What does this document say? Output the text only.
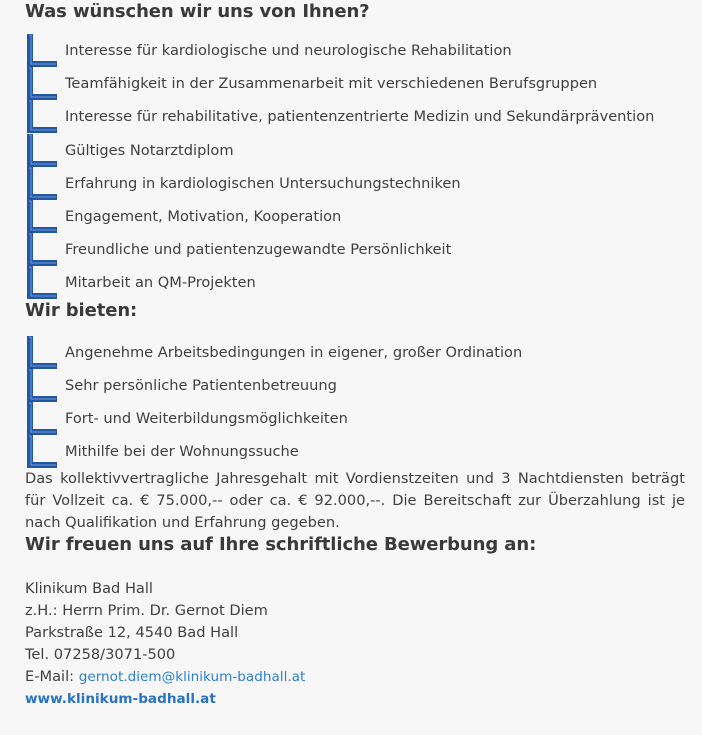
Was wünschen wir uns von Ihnen?
Interesse für kardiologische und neurologische Rehabilitation
Teamfähigkeit in der Zusammenarbeit mit verschiedenen Berufsgruppen
Interesse für rehabilitative, patientenzentrierte Medizin und Sekundärprävention
Gültiges Notarztdiplom
Erfahrung in kardiologischen Untersuchungstechniken
Engagement, Motivation, Kooperation
Freundliche und patientenzugewandte Persönlichkeit
Mitarbeit an QM-Projekten
Wir bieten:
Angenehme Arbeitsbedingungen in eigener, großer Ordination
Sehr persönliche Patientenbetreuung
Fort- und Weiterbildungsmöglichkeiten
Mithilfe bei der Wohnungssuche

Das kollektivvertragliche Jahresgehalt mit Vordienstzeiten und 3 Nachtdiensten beträgt für Vollzeit ca. € 75.000,-- oder ca. € 92.000,--. Die Bereitschaft zur Überzahlung ist je nach Qualifikation und Erfahrung gegeben.

Wir freuen uns auf Ihre schriftliche Bewerbung an:
Klinikum Bad Hall
z.H.: Herrn Prim. Dr. Gernot Diem
Parkstraße 12, 4540 Bad Hall
Tel. 07258/3071-500
E-Mail: gernot.diem@klinikum-badhall.at
www.klinikum-badhall.at
